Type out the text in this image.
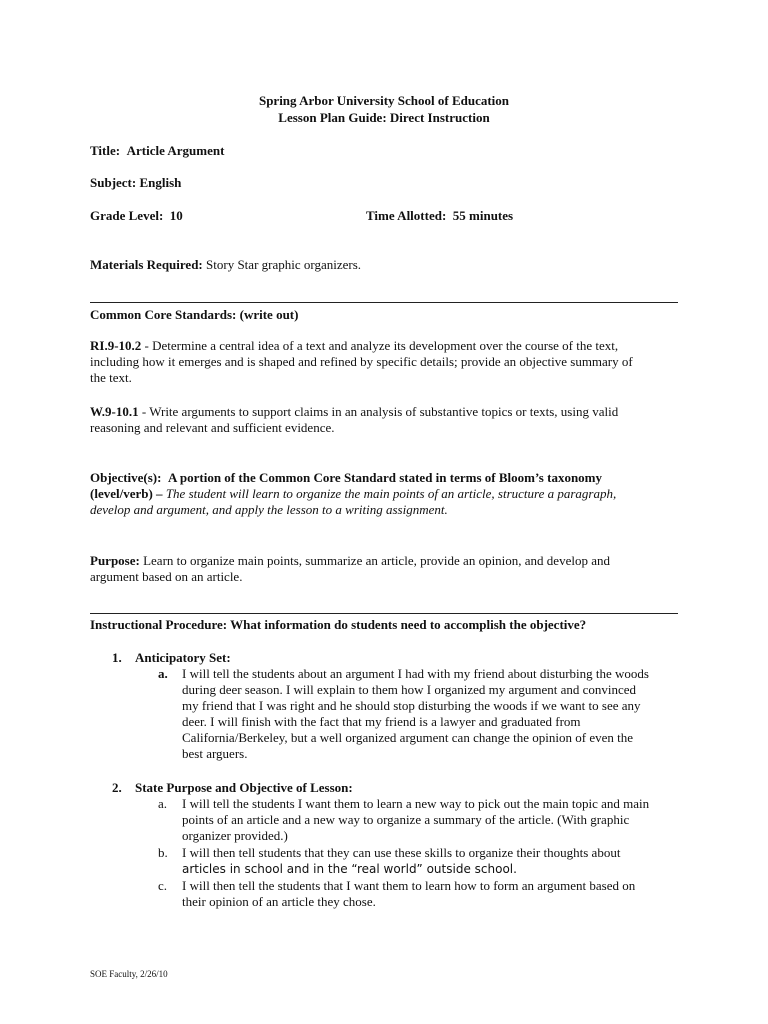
Spring Arbor University School of Education
Lesson Plan Guide: Direct Instruction
Title: Article Argument
Subject: English
Grade Level: 10	Time Allotted: 55 minutes
Materials Required: Story Star graphic organizers.
Common Core Standards: (write out)
RI.9-10.2 - Determine a central idea of a text and analyze its development over the course of the text,
including how it emerges and is shaped and refined by specific details; provide an objective summary of
the text.
W.9-10.1 - Write arguments to support claims in an analysis of substantive topics or texts, using valid
reasoning and relevant and sufficient evidence.
Objective(s): A portion of the Common Core Standard stated in terms of Bloom’s taxonomy
(level/verb) – The student will learn to organize the main points of an article, structure a paragraph,
develop and argument, and apply the lesson to a writing assignment.
Purpose: Learn to organize main points, summarize an article, provide an opinion, and develop and
argument based on an article.
Instructional Procedure: What information do students need to accomplish the objective?
1. Anticipatory Set:
a.	I will tell the students about an argument I had with my friend about disturbing the woods
during deer season. I will explain to them how I organized my argument and convinced
my friend that I was right and he should stop disturbing the woods if we want to see any
deer. I will finish with the fact that my friend is a lawyer and graduated from
California/Berkeley, but a well organized argument can change the opinion of even the
best arguers.
2. State Purpose and Objective of Lesson:
a.	I will tell the students I want them to learn a new way to pick out the main topic and main
points of an article and a new way to organize a summary of the article. (With graphic
organizer provided.)
b.	I will then tell students that they can use these skills to organize their thoughts about
articles in school and in the “real world” outside school.
c.	I will then tell the students that I want them to learn how to form an argument based on
their opinion of an article they chose.
SOE Faculty, 2/26/10
